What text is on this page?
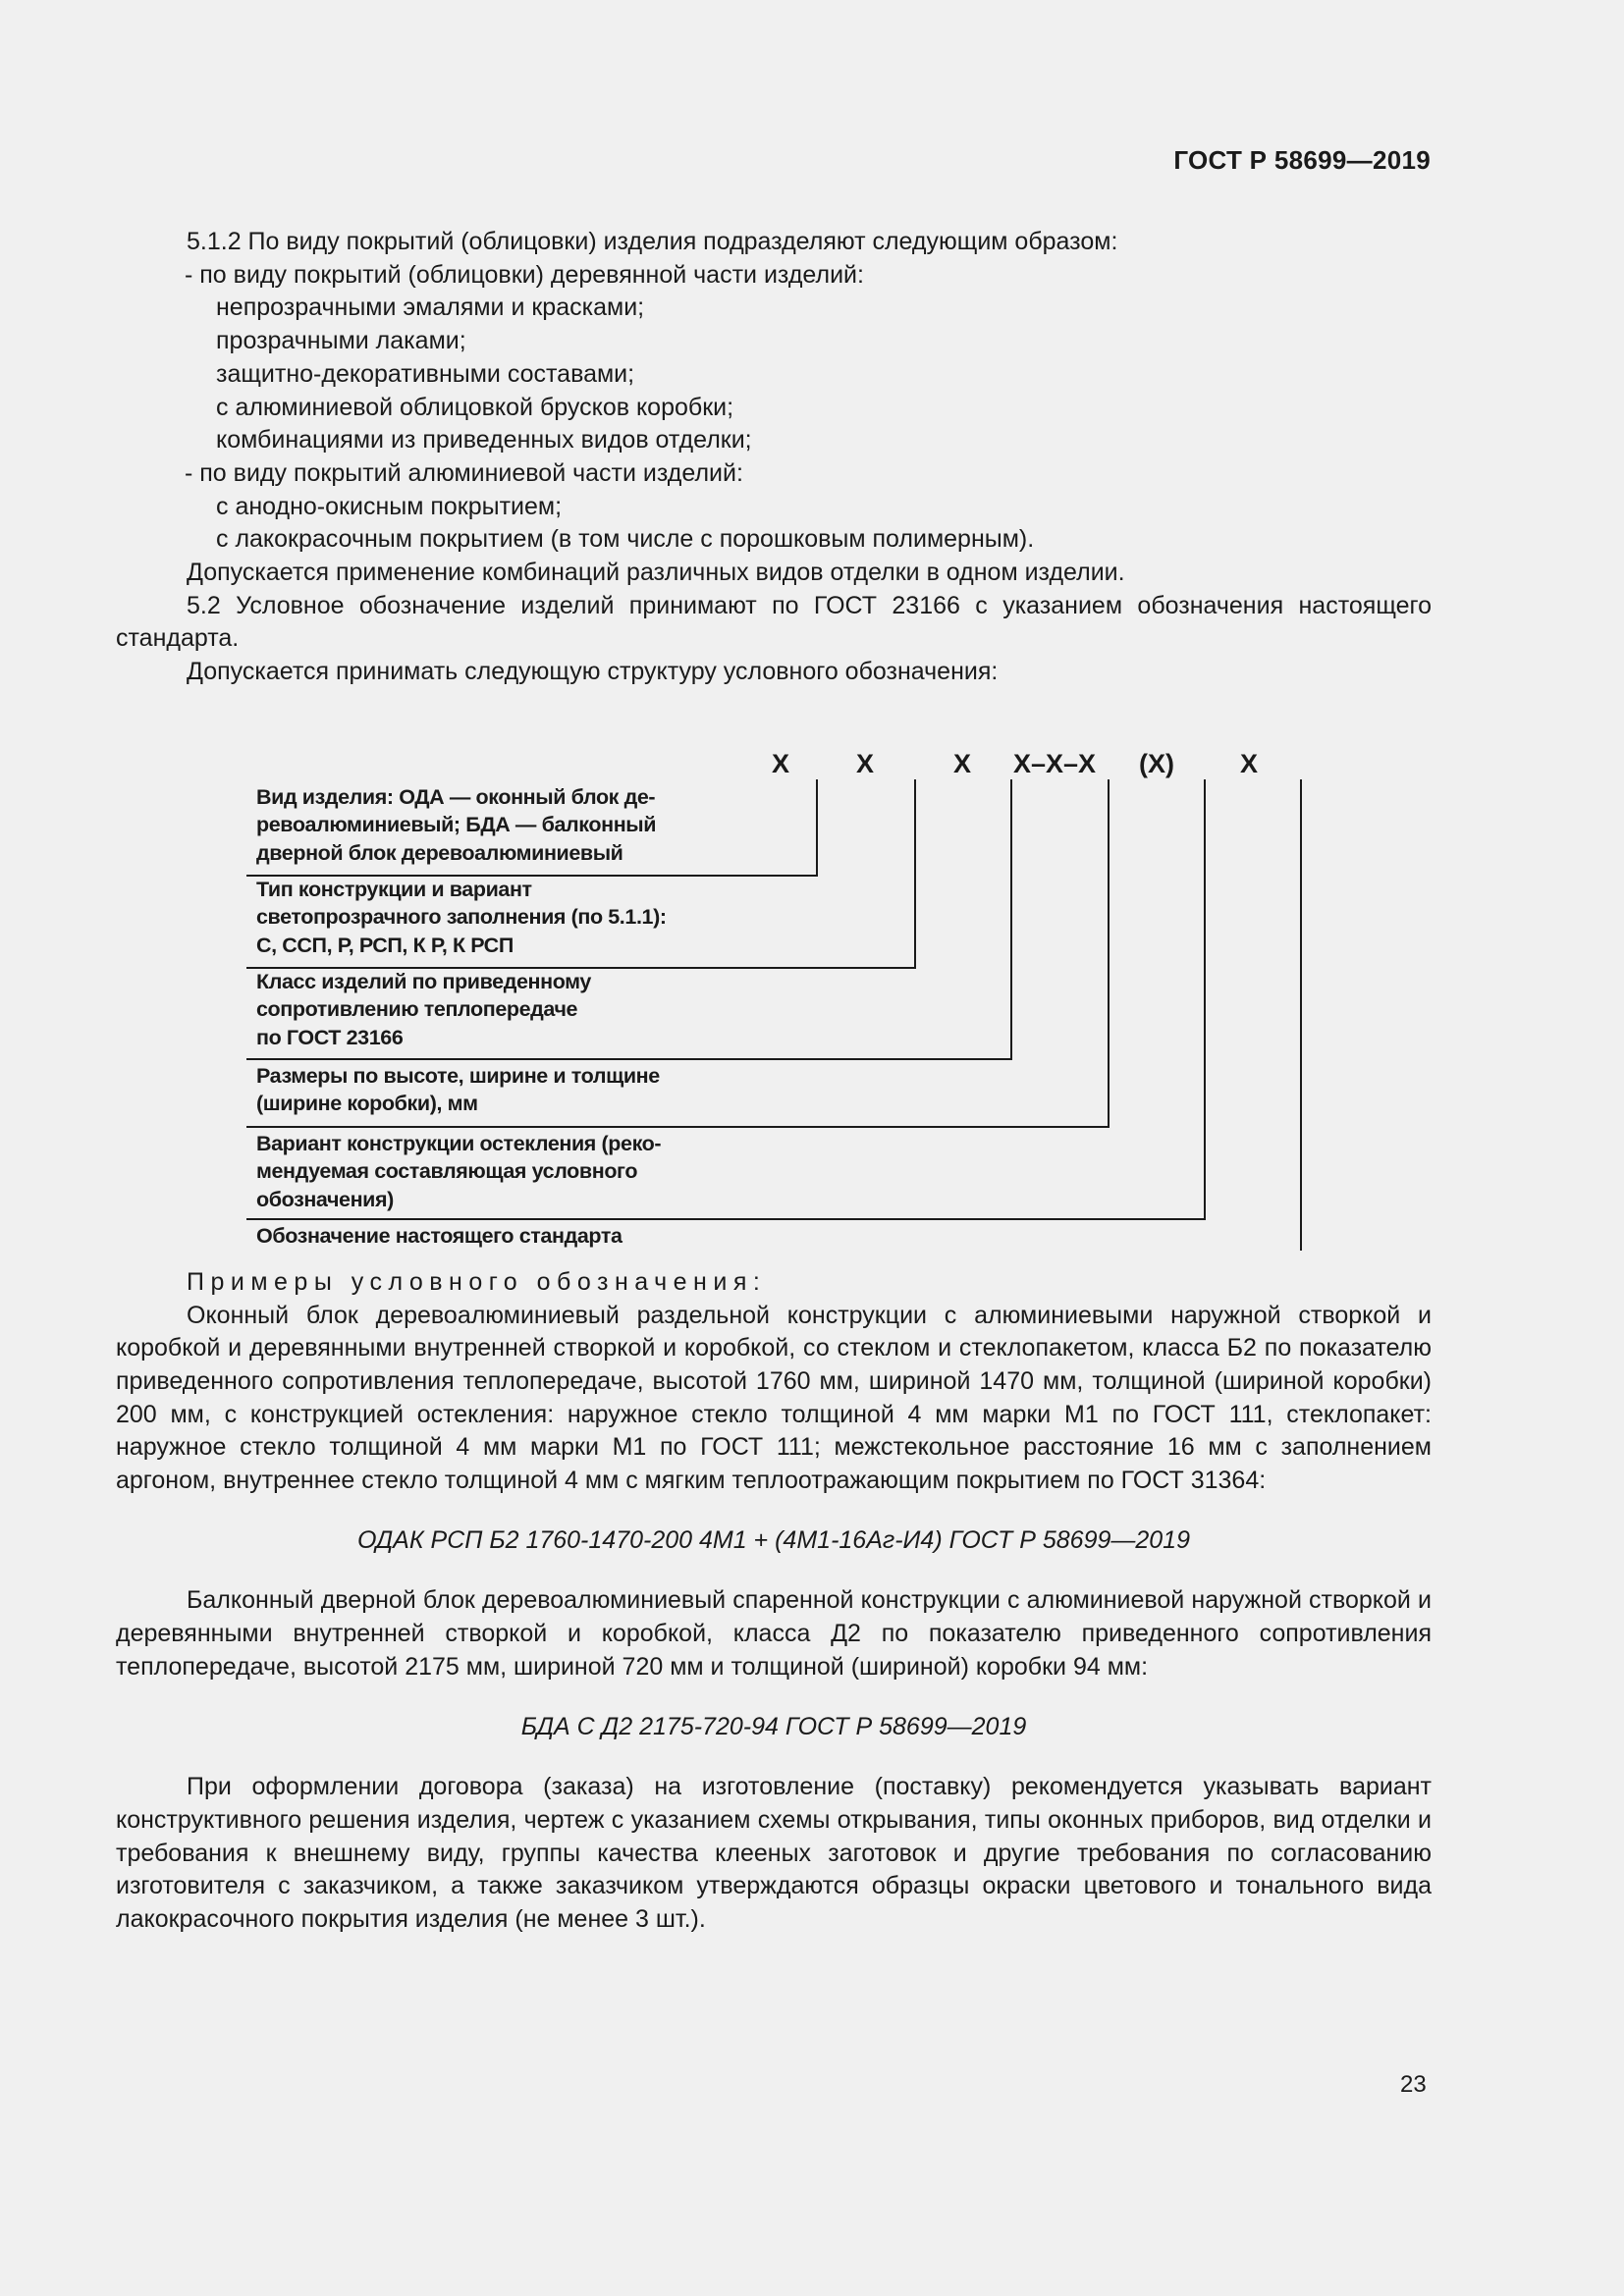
ГОСТ Р 58699—2019

5.1.2 По виду покрытий (облицовки) изделия подразделяют следующим образом:

- по виду покрытий (облицовки) деревянной части изделий:

непрозрачными эмалями и красками;

прозрачными лаками;

защитно-декоративными составами;

с алюминиевой облицовкой брусков коробки;

комбинациями из приведенных видов отделки;

- по виду покрытий алюминиевой части изделий:

с анодно-окисным покрытием;

с лакокрасочным покрытием (в том числе с порошковым полимерным).

Допускается применение комбинаций различных видов отделки в одном изделии.

5.2 Условное обозначение изделий принимают по ГОСТ 23166 с указанием обозначения настоящего стандарта.

Допускается принимать следующую структуру условного обозначения:

X	X	X	X–X–X	(X)	X
Вид изделия: ОДА — оконный блок де-
ревоалюминиевый; БДА — балконный
дверной блок деревоалюминиевый
Тип конструкции и вариант
светопрозрачного заполнения (по 5.1.1):
С, ССП, Р, РСП, К Р, К РСП
Класс изделий по приведенному
сопротивлению теплопередаче
по ГОСТ 23166
Размеры по высоте, ширине и толщине
(ширине коробки), мм
Вариант конструкции остекления (реко-
мендуемая составляющая условного
обозначения)
Обозначение настоящего стандарта

Примеры условного обозначения:

Оконный блок деревоалюминиевый раздельной конструкции с алюминиевыми наружной створкой и коробкой и деревянными внутренней створкой и коробкой, со стеклом и стеклопакетом, класса Б2 по показателю приведенного сопротивления теплопередаче, высотой 1760 мм, шириной 1470 мм, толщиной (шириной коробки) 200 мм, с конструкцией остекления: наружное стекло толщиной 4 мм марки М1 по ГОСТ 111, стеклопакет: наружное стекло толщиной 4 мм марки М1 по ГОСТ 111; межстекольное расстояние 16 мм с заполнением аргоном, внутреннее стекло толщиной 4 мм с мягким теплоотражающим покрытием по ГОСТ 31364:

ОДАК РСП Б2 1760-1470-200 4М1 + (4М1-16Аг-И4) ГОСТ Р 58699—2019

Балконный дверной блок деревоалюминиевый спаренной конструкции с алюминиевой наружной створкой и деревянными внутренней створкой и коробкой, класса Д2 по показателю приведенного сопротивления теплопередаче, высотой 2175 мм, шириной 720 мм и толщиной (шириной) коробки 94 мм:

БДА С Д2 2175-720-94 ГОСТ Р 58699—2019

При оформлении договора (заказа) на изготовление (поставку) рекомендуется указывать вариант конструктивного решения изделия, чертеж с указанием схемы открывания, типы оконных приборов, вид отделки и требования к внешнему виду, группы качества клееных заготовок и другие требования по согласованию изготовителя с заказчиком, а также заказчиком утверждаются образцы окраски цветового и тонального вида лакокрасочного покрытия изделия (не менее 3 шт.).

23
